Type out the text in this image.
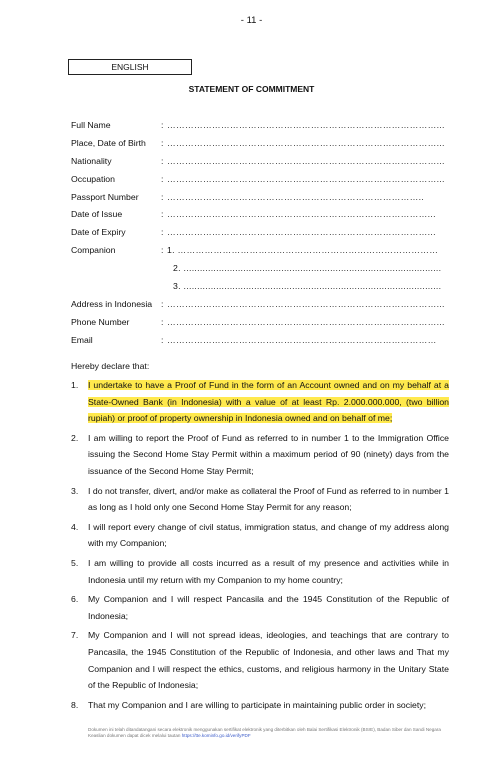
- 11 -
ENGLISH
STATEMENT OF COMMITMENT
Full Name	: ………………………………………………………………………………...
Place, Date of Birth	: ………………………………………………………………………………...
Nationality	: ………………………………………………………………………………...
Occupation	: ………………………………………………………………………………...
Passport Number	: …………………………………………………………………………..
Date of Issue	: ……………………………………………………………………………...
Date of Expiry	: ……………………………………………………………………………...
Companion	: 1. ……………………………………………………………………………
2. ...............................................................................................
3. ...............................................................................................
Address in Indonesia	: ………………………………………………………………………………...
Phone Number	: ………………………………………………………………………………...
Email	: ………………………………………………………………………………
Hereby declare that:
1.	I undertake to have a Proof of Fund in the form of an Account owned and on my behalf at a State-Owned Bank (in Indonesia) with a value of at least Rp. 2.000.000.000, (two billion rupiah) or proof of property ownership in Indonesia owned and on behalf of me;
2.	I am willing to report the Proof of Fund as referred to in number 1 to the Immigration Office issuing the Second Home Stay Permit within a maximum period of 90 (ninety) days from the issuance of the Second Home Stay Permit;
3.	I do not transfer, divert, and/or make as collateral the Proof of Fund as referred to in number 1 as long as I hold only one Second Home Stay Permit for any reason;
4.	I will report every change of civil status, immigration status, and change of my address along with my Companion;
5.	I am willing to provide all costs incurred as a result of my presence and activities while in Indonesia until my return with my Companion to my home country;
6.	My Companion and I will respect Pancasila and the 1945 Constitution of the Republic of Indonesia;
7.	My Companion and I will not spread ideas, ideologies, and teachings that are contrary to Pancasila, the 1945 Constitution of the Republic of Indonesia, and other laws and That my Companion and I will respect the ethics, customs, and religious harmony in the Unitary State of the Republic of Indonesia;
8.	That my Companion and I are willing to participate in maintaining public order in society;
Dokumen ini telah ditandatangani secara elektronik menggunakan sertifikat elektronik yang diterbitkan oleh Balai Sertifikasi Elektronik (BSrE), Badan Siber dan Sandi Negara
Keaslian dokumen dapat dicek melalui tautan https://tte.kominfo.go.id/verifyPDF
